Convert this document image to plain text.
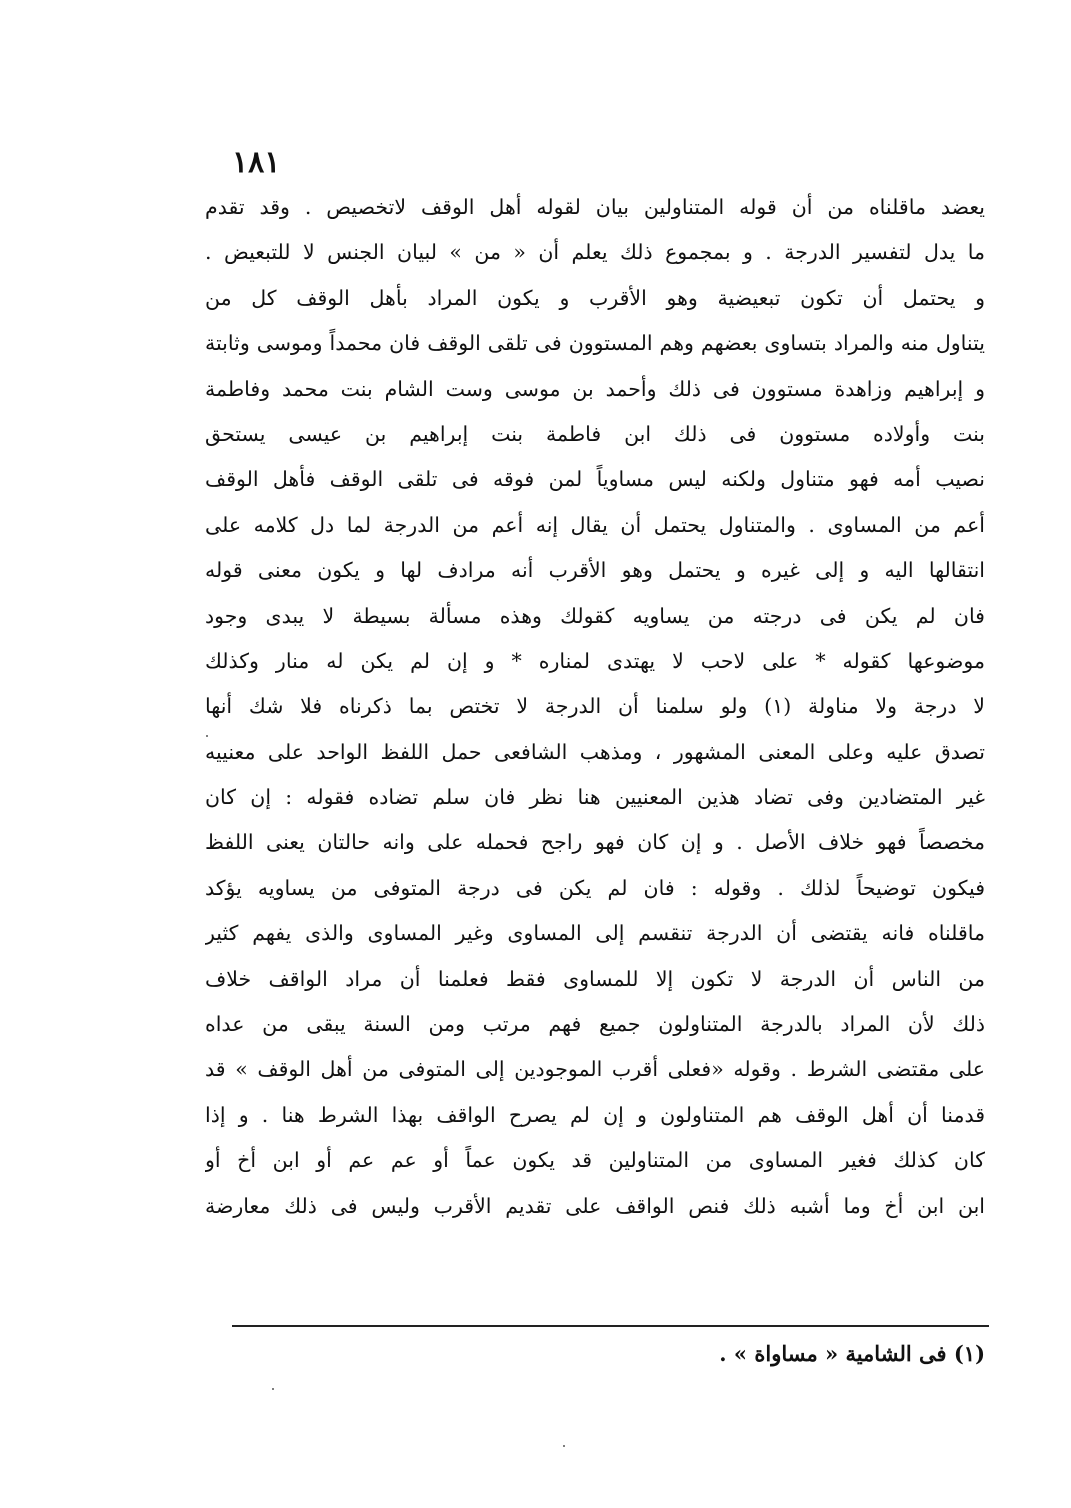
١٨١
يعضد ماقلناه من أن قوله المتناولين بيان لقوله أهل الوقف لاتخصيص . وقد تقدم
ما يدل لتفسير الدرجة . و بمجموع ذلك يعلم أن « من » لبيان الجنس لا للتبعيض .
و يحتمل أن تكون تبعيضية وهو الأقرب و يكون المراد بأهل الوقف كل من
يتناول منه والمراد بتساوى بعضهم وهم المستوون فى تلقى الوقف فان محمداً وموسى وثابتة
و إبراهيم وزاهدة مستوون فى ذلك وأحمد بن موسى وست الشام بنت محمد وفاطمة
بنت وأولاده مستوون فى ذلك ابن فاطمة بنت إبراهيم بن عيسى يستحق
نصيب أمه فهو متناول ولكنه ليس مساوياً لمن فوقه فى تلقى الوقف فأهل الوقف
أعم من المساوى . والمتناول يحتمل أن يقال إنه أعم من الدرجة لما دل كلامه على
انتقالها اليه و إلى غيره و يحتمل وهو الأقرب أنه مرادف لها و يكون معنى قوله
فان لم يكن فى درجته من يساويه كقولك وهذه مسألة بسيطة لا يبدى وجود
موضوعها كقوله * على لاحب لا يهتدى لمناره * و إن لم يكن له منار وكذلك
لا درجة ولا مناولة (١) ولو سلمنا أن الدرجة لا تختص بما ذكرناه فلا شك أنها
تصدق عليه وعلى المعنى المشهور ، ومذهب الشافعى حمل اللفظ الواحد على معنييه
غير المتضادين وفى تضاد هذين المعنيين هنا نظر فان سلم تضاده فقوله : إن كان
مخصصاً فهو خلاف الأصل . و إن كان فهو راجح فحمله على وانه حالتان يعنى اللفظ
فيكون توضيحاً لذلك . وقوله : فان لم يكن فى درجة المتوفى من يساويه يؤكد
ماقلناه فانه يقتضى أن الدرجة تنقسم إلى المساوى وغير المساوى والذى يفهم كثير
من الناس أن الدرجة لا تكون إلا للمساوى فقط فعلمنا أن مراد الواقف خلاف
ذلك لأن المراد بالدرجة المتناولون جميع فهم مرتب ومن السنة يبقى من عداه
على مقتضى الشرط . وقوله «فعلى أقرب الموجودين إلى المتوفى من أهل الوقف » قد
قدمنا أن أهل الوقف هم المتناولون و إن لم يصرح الواقف بهذا الشرط هنا . و إذا
كان كذلك فغير المساوى من المتناولين قد يكون عماً أو عم عم أو ابن أخ أو
ابن ابن أخ وما أشبه ذلك فنص الواقف على تقديم الأقرب وليس فى ذلك معارضة
(١) فى الشامية « مساواة » .
